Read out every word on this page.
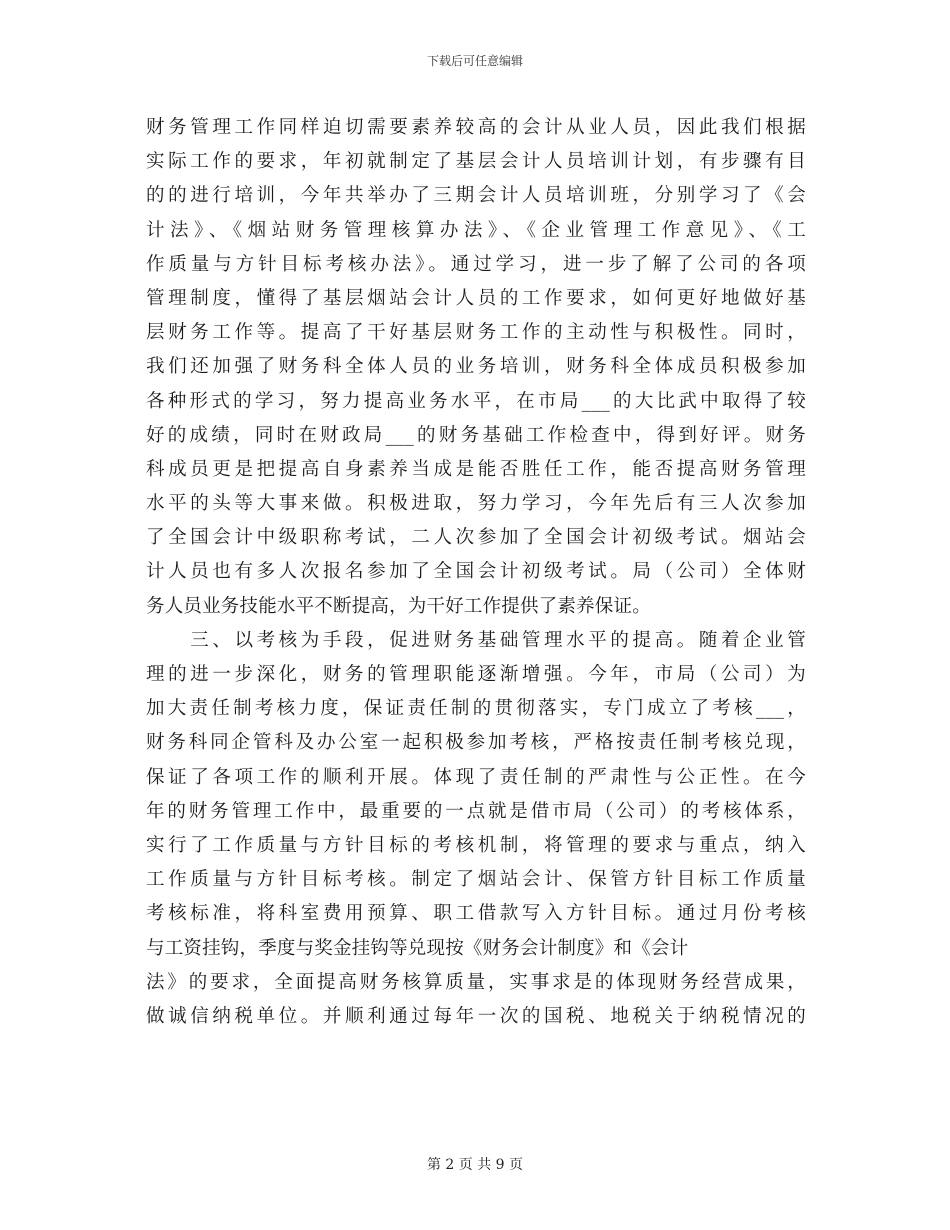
下载后可任意编辑
财务管理工作同样迫切需要素养较高的会计从业人员，因此我们根据
实际工作的要求，年初就制定了基层会计人员培训计划，有步骤有目
的的进行培训，今年共举办了三期会计人员培训班，分别学习了《会
计法》、《烟站财务管理核算办法》、《企业管理工作意见》、《工
作质量与方针目标考核办法》。通过学习，进一步了解了公司的各项
管理制度，懂得了基层烟站会计人员的工作要求，如何更好地做好基
层财务工作等。提高了干好基层财务工作的主动性与积极性。同时，
我们还加强了财务科全体人员的业务培训，财务科全体成员积极参加
各种形式的学习，努力提高业务水平，在市局___的大比武中取得了较
好的成绩，同时在财政局___的财务基础工作检查中，得到好评。财务
科成员更是把提高自身素养当成是能否胜任工作，能否提高财务管理
水平的头等大事来做。积极进取，努力学习，今年先后有三人次参加
了全国会计中级职称考试，二人次参加了全国会计初级考试。烟站会
计人员也有多人次报名参加了全国会计初级考试。局（公司）全体财
务人员业务技能水平不断提高，为干好工作提供了素养保证。
　　三、以考核为手段，促进财务基础管理水平的提高。随着企业管
理的进一步深化，财务的管理职能逐渐增强。今年，市局（公司）为
加大责任制考核力度，保证责任制的贯彻落实，专门成立了考核___，
财务科同企管科及办公室一起积极参加考核，严格按责任制考核兑现，
保证了各项工作的顺利开展。体现了责任制的严肃性与公正性。在今
年的财务管理工作中，最重要的一点就是借市局（公司）的考核体系，
实行了工作质量与方针目标的考核机制，将管理的要求与重点，纳入
工作质量与方针目标考核。制定了烟站会计、保管方针目标工作质量
考核标准，将科室费用预算、职工借款写入方针目标。通过月份考核
与工资挂钩，季度与奖金挂钩等兑现按《财务会计制度》和《会计
法》的要求，全面提高财务核算质量，实事求是的体现财务经营成果，
做诚信纳税单位。并顺利通过每年一次的国税、地税关于纳税情况的
第 2 页 共 9 页
